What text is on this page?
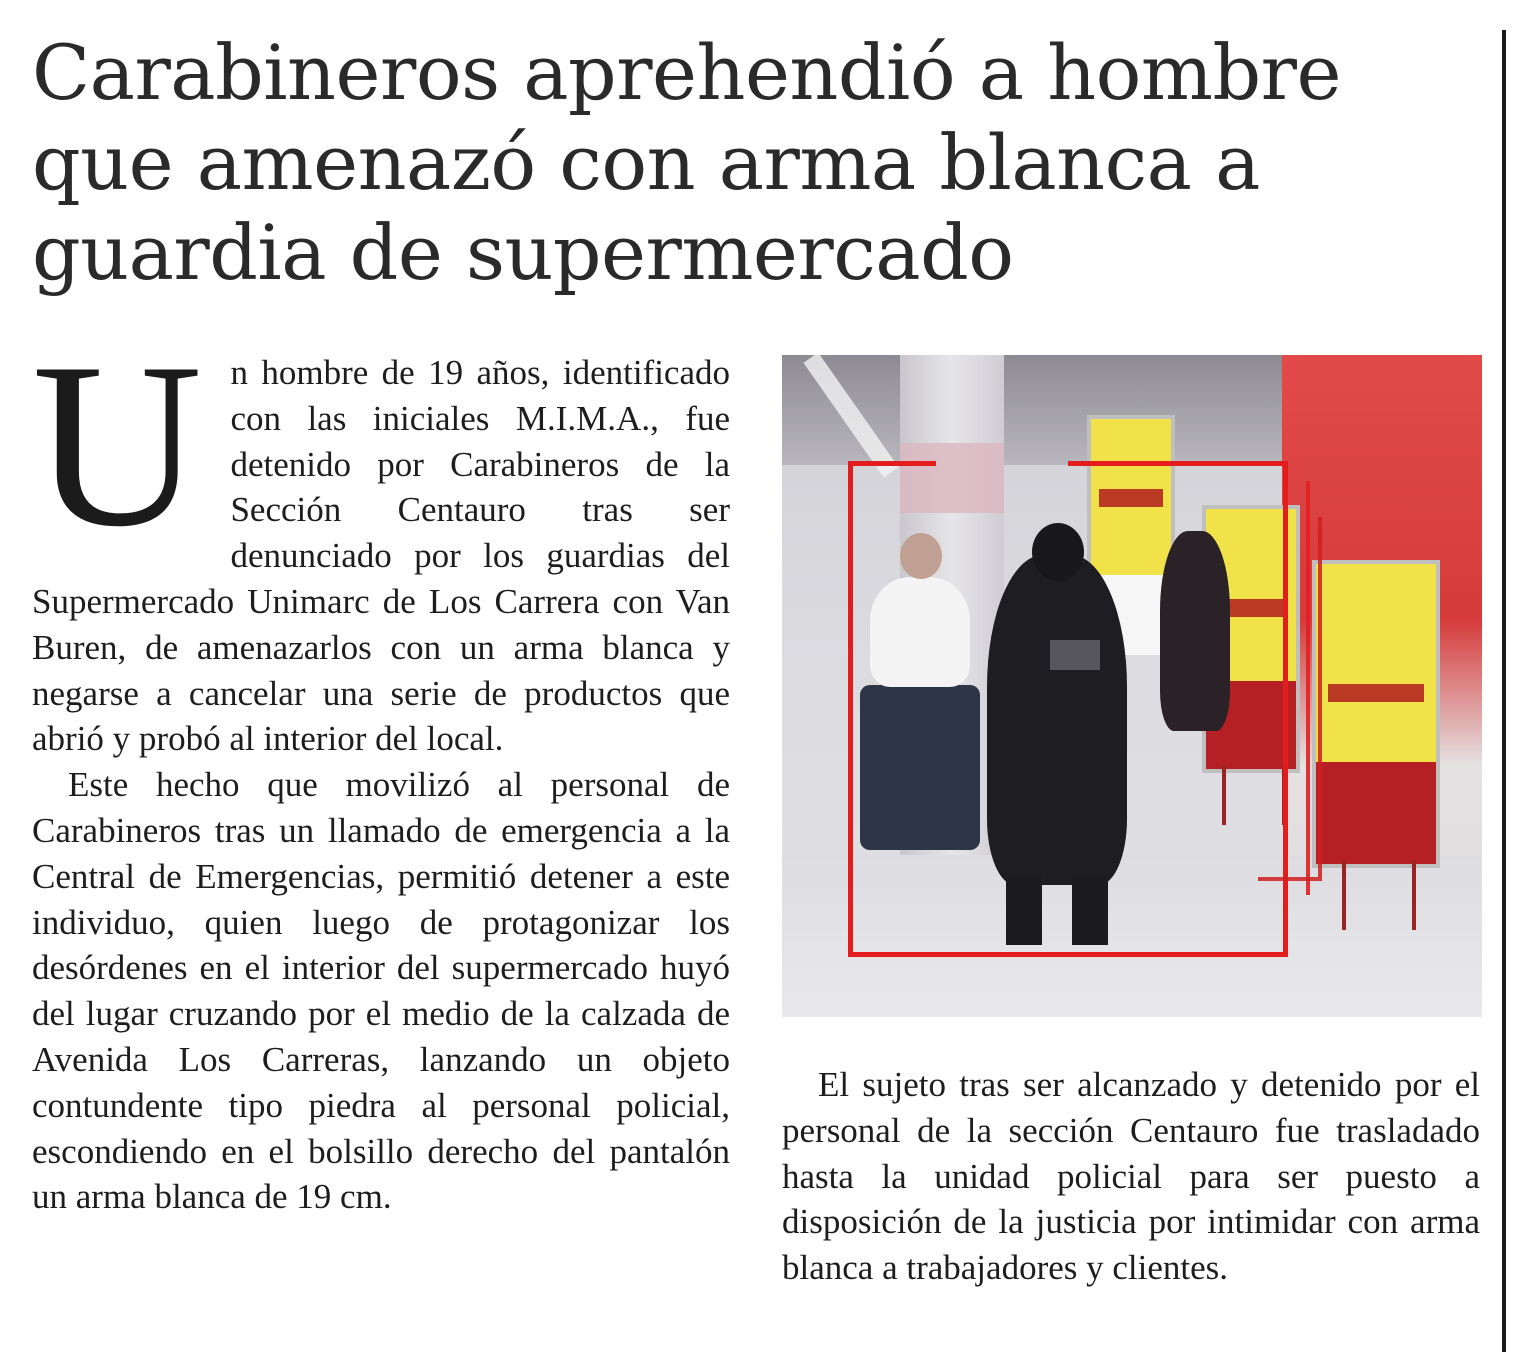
Carabineros aprehendió a hombre que amenazó con arma blanca a guardia de supermercado

Un hombre de 19 años, identificado con las iniciales M.I.M.A., fue detenido por Carabineros de la Sección Centauro tras ser denunciado por los guardias del Supermercado Unimarc de Los Carrera con Van Buren, de amenazarlos con un arma blanca y negarse a cancelar una serie de productos que abrió y probó al interior del local.

Este hecho que movilizó al personal de Carabineros tras un llamado de emergencia a la Central de Emergencias, permitió detener a este individuo, quien luego de protagonizar los desórdenes en el interior del supermercado huyó del lugar cruzando por el medio de la calzada de Avenida Los Carreras, lanzando un objeto contundente tipo piedra al personal policial, escondiendo en el bolsillo derecho del pantalón un arma blanca de 19 cm.

El sujeto tras ser alcanzado y detenido por el personal de la sección Centauro fue trasladado hasta la unidad policial para ser puesto a disposición de la justicia por intimidar con arma blanca a trabajadores y clientes.
